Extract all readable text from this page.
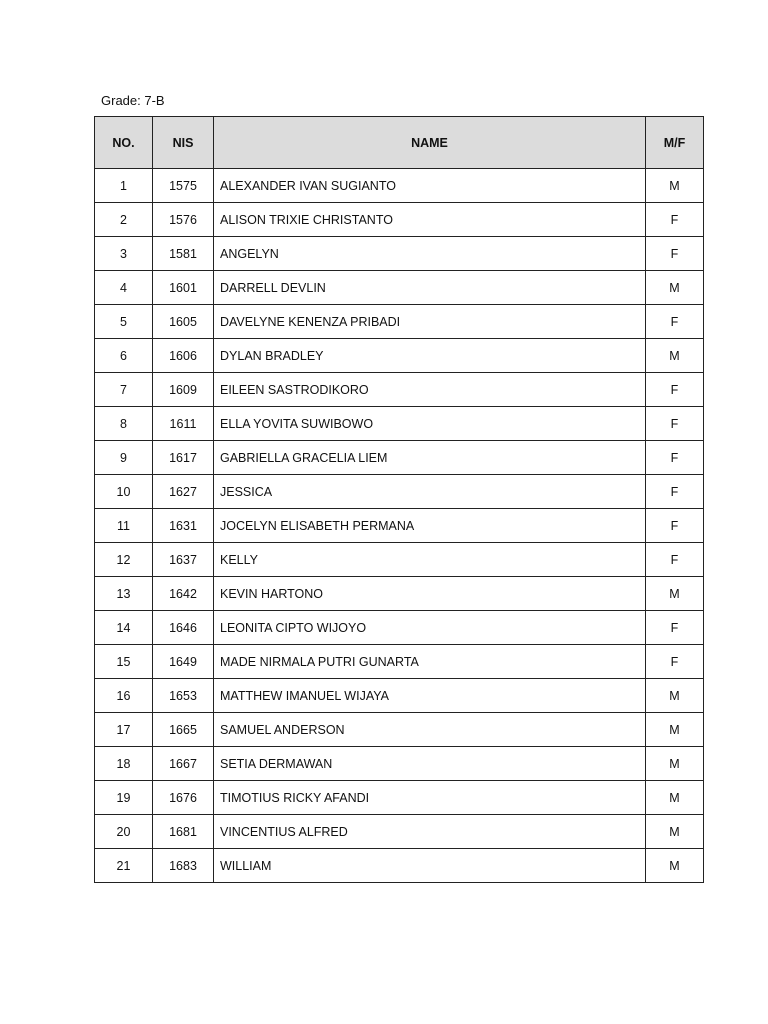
Grade: 7-B
NO.	NIS	NAME	M/F
1	1575	ALEXANDER IVAN SUGIANTO	M
2	1576	ALISON TRIXIE CHRISTANTO	F
3	1581	ANGELYN	F
4	1601	DARRELL DEVLIN	M
5	1605	DAVELYNE KENENZA PRIBADI	F
6	1606	DYLAN BRADLEY	M
7	1609	EILEEN SASTRODIKORO	F
8	1611	ELLA YOVITA SUWIBOWO	F
9	1617	GABRIELLA GRACELIA LIEM	F
10	1627	JESSICA	F
11	1631	JOCELYN ELISABETH PERMANA	F
12	1637	KELLY	F
13	1642	KEVIN HARTONO	M
14	1646	LEONITA CIPTO WIJOYO	F
15	1649	MADE NIRMALA PUTRI GUNARTA	F
16	1653	MATTHEW IMANUEL WIJAYA	M
17	1665	SAMUEL ANDERSON	M
18	1667	SETIA DERMAWAN	M
19	1676	TIMOTIUS RICKY AFANDI	M
20	1681	VINCENTIUS ALFRED	M
21	1683	WILLIAM	M
